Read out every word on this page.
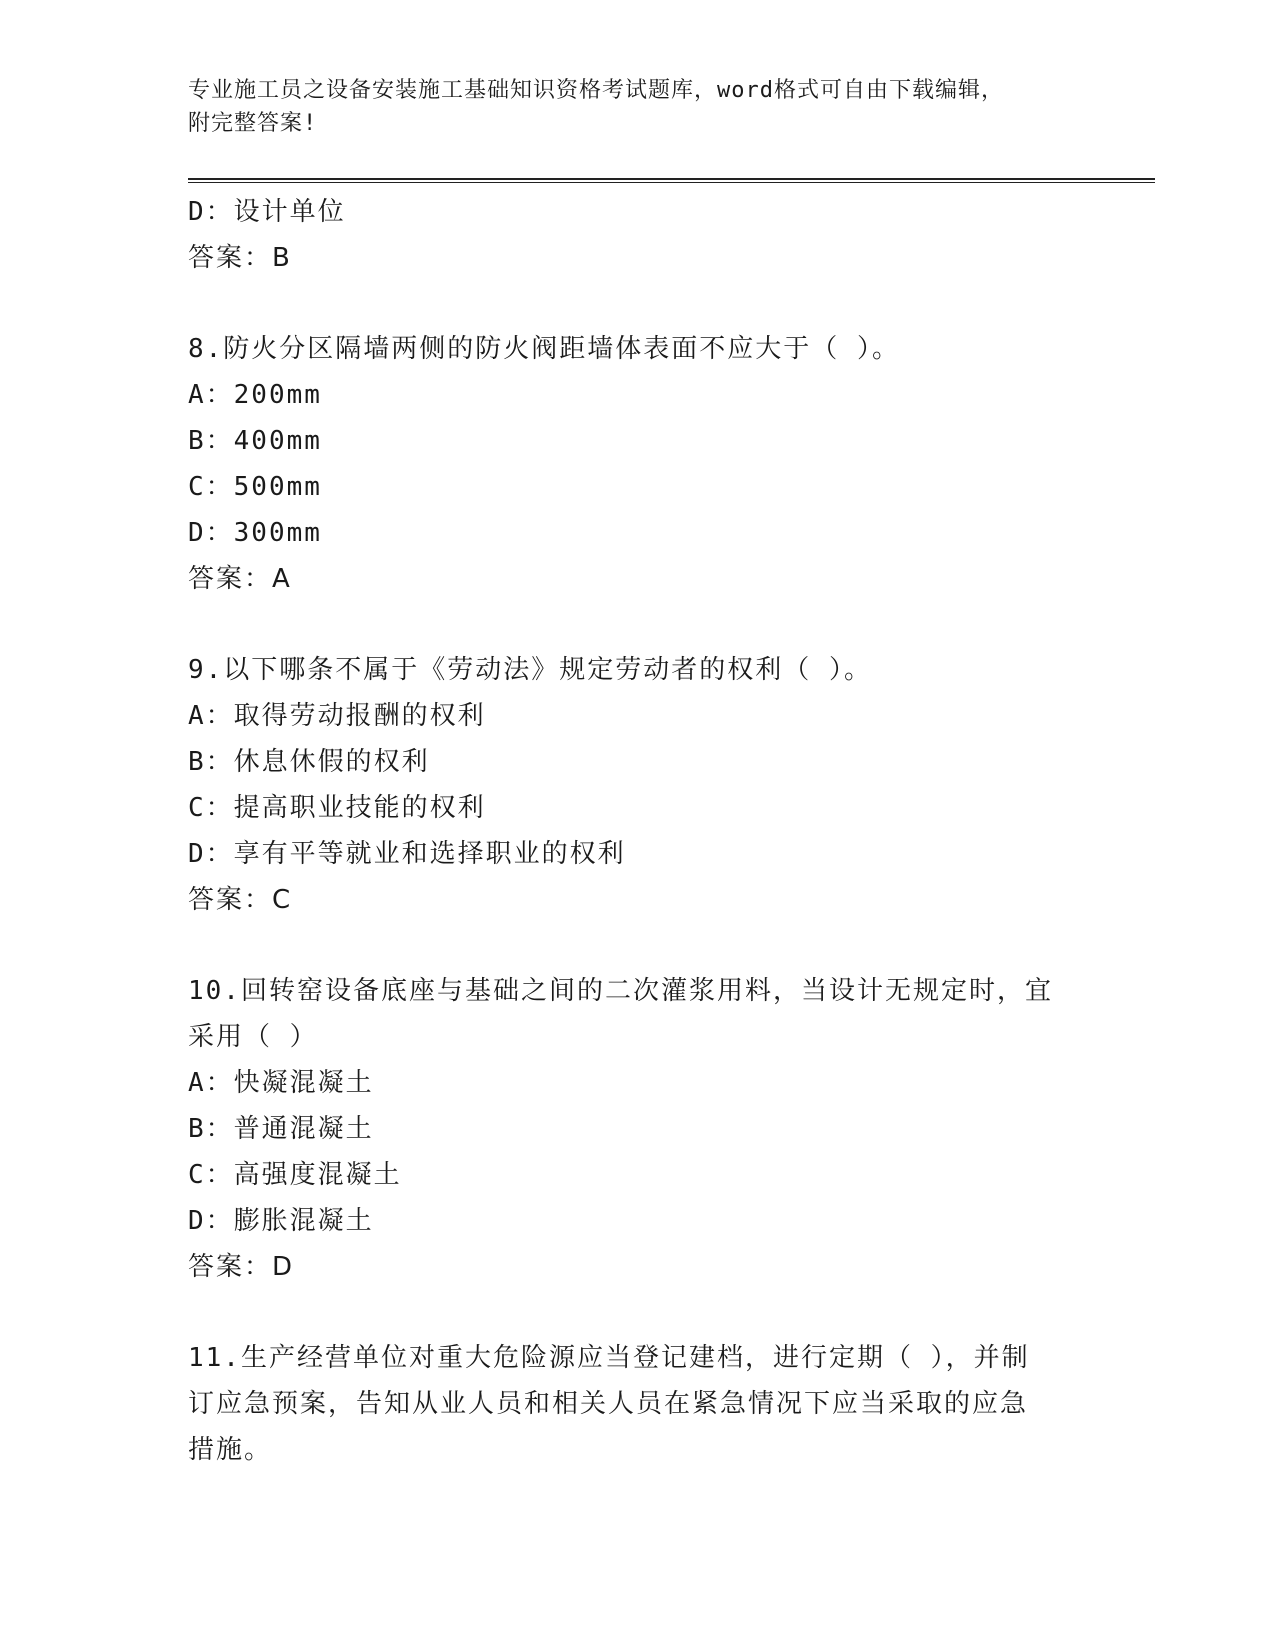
专业施工员之设备安装施工基础知识资格考试题库，word格式可自由下载编辑，
附完整答案!
D：设计单位
答案：B
8.防火分区隔墙两侧的防火阀距墙体表面不应大于（ ）。
A：200mm
B：400mm
C：500mm
D：300mm
答案：A
9.以下哪条不属于《劳动法》规定劳动者的权利（ ）。
A：取得劳动报酬的权利
B：休息休假的权利
C：提高职业技能的权利
D：享有平等就业和选择职业的权利
答案：C
10.回转窑设备底座与基础之间的二次灌浆用料，当设计无规定时，宜
采用（ ）
A：快凝混凝土
B：普通混凝土
C：高强度混凝土
D：膨胀混凝土
答案：D
11.生产经营单位对重大危险源应当登记建档，进行定期（ ），并制
订应急预案，告知从业人员和相关人员在紧急情况下应当采取的应急
措施。
